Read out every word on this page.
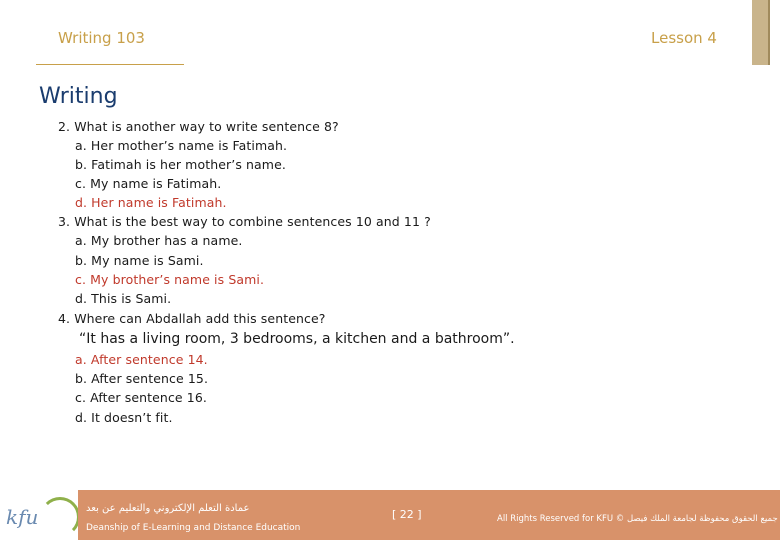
Writing 103	Lesson 4
Writing
2. What is another way to write sentence 8?
a. Her mother’s name is Fatimah.
b. Fatimah is her mother’s name.
c. My name is Fatimah.
d. Her name is Fatimah.
3. What is the best way to combine sentences 10 and 11 ?
a. My brother has a name.
b. My name is Sami.
c. My brother’s name is Sami.
d. This is Sami.
4. Where can Abdallah add this sentence?
“It has a living room, 3 bedrooms, a kitchen and a bathroom”.
a. After sentence 14.
b. After sentence 15.
c. After sentence 16.
d. It doesn’t fit.
kfu	عمادة التعلم الإلكتروني والتعليم عن بعد
Deanship of E-Learning and Distance Education
[ 22 ]	All Rights Reserved for KFU © جميع الحقوق محفوظة لجامعة الملك فيصل
